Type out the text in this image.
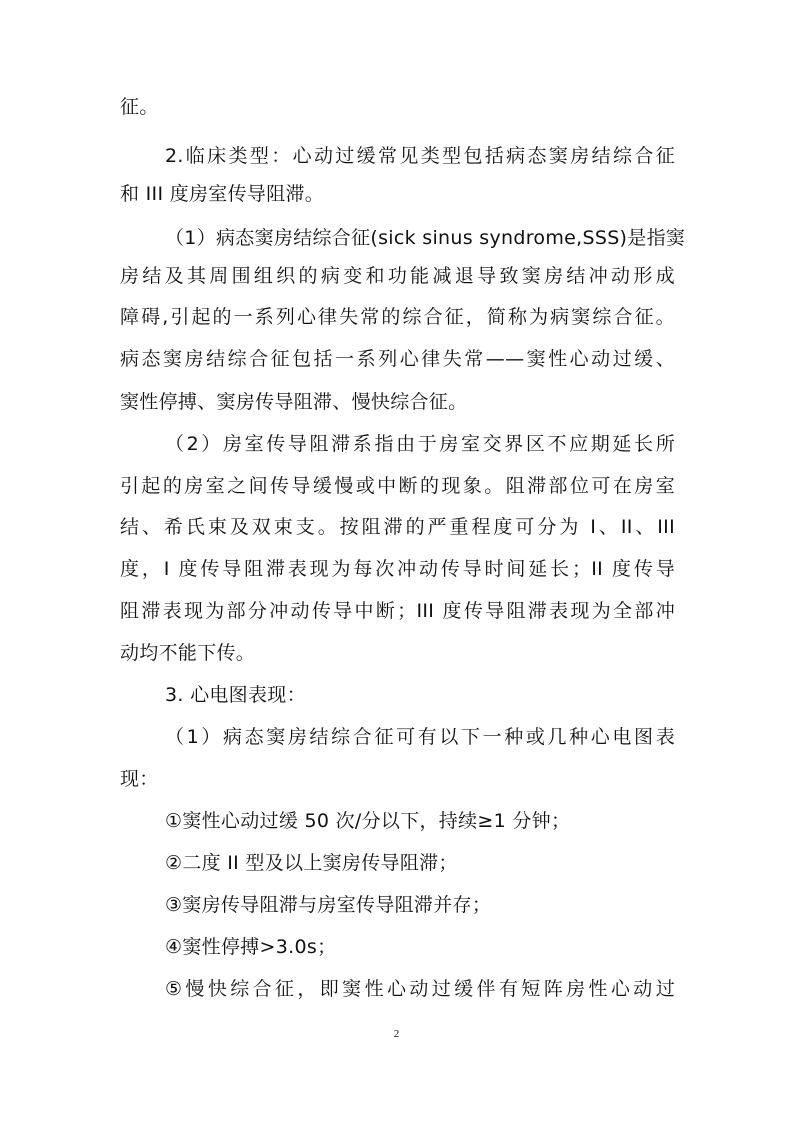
征。
2.临床类型：心动过缓常见类型包括病态窦房结综合征
和 III 度房室传导阻滞。
（1）病态窦房结综合征(sick sinus syndrome,SSS)是指窦
房结及其周围组织的病变和功能减退导致窦房结冲动形成
障碍,引起的一系列心律失常的综合征，简称为病窦综合征。
病态窦房结综合征包括一系列心律失常——窦性心动过缓、
窦性停搏、窦房传导阻滞、慢快综合征。
（2）房室传导阻滞系指由于房室交界区不应期延长所
引起的房室之间传导缓慢或中断的现象。阻滞部位可在房室
结、希氏束及双束支。按阻滞的严重程度可分为 I、II、III
度，I 度传导阻滞表现为每次冲动传导时间延长；II 度传导
阻滞表现为部分冲动传导中断；III 度传导阻滞表现为全部冲
动均不能下传。
3. 心电图表现：
（1）病态窦房结综合征可有以下一种或几种心电图表
现：
①窦性心动过缓 50 次/分以下，持续≥1 分钟；
②二度 II 型及以上窦房传导阻滞；
③窦房传导阻滞与房室传导阻滞并存；
④窦性停搏>3.0s；
⑤慢快综合征，即窦性心动过缓伴有短阵房性心动过
2
